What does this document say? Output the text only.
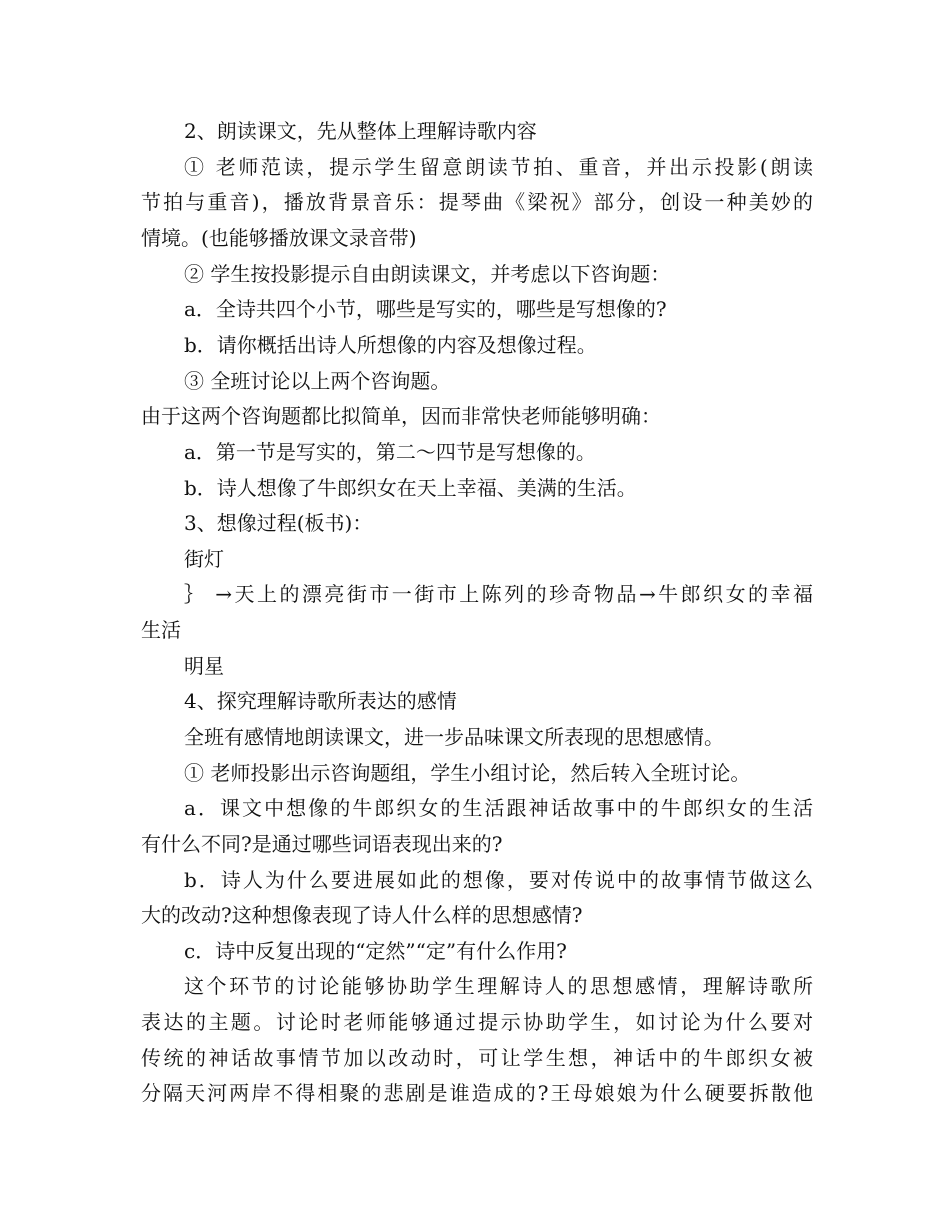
2、朗读课文，先从整体上理解诗歌内容
① 老师范读，提示学生留意朗读节拍、重音，并出示投影(朗读
节拍与重音)，播放背景音乐：提琴曲《梁祝》部分，创设一种美妙的
情境。(也能够播放课文录音带)
② 学生按投影提示自由朗读课文，并考虑以下咨询题：
a．全诗共四个小节，哪些是写实的，哪些是写想像的?
b．请你概括出诗人所想像的内容及想像过程。
③ 全班讨论以上两个咨询题。
由于这两个咨询题都比拟简单，因而非常快老师能够明确：
a．第一节是写实的，第二～四节是写想像的。
b．诗人想像了牛郎织女在天上幸福、美满的生活。
3、想像过程(板书)：
街灯
｝ →天上的漂亮街市一街市上陈列的珍奇物品→牛郎织女的幸福
生活
明星
4、探究理解诗歌所表达的感情
全班有感情地朗读课文，进一步品味课文所表现的思想感情。
① 老师投影出示咨询题组，学生小组讨论，然后转入全班讨论。
a．课文中想像的牛郎织女的生活跟神话故事中的牛郎织女的生活
有什么不同?是通过哪些词语表现出来的?
b．诗人为什么要进展如此的想像，要对传说中的故事情节做这么
大的改动?这种想像表现了诗人什么样的思想感情?
c．诗中反复出现的“定然”“定”有什么作用?
这个环节的讨论能够协助学生理解诗人的思想感情，理解诗歌所
表达的主题。讨论时老师能够通过提示协助学生，如讨论为什么要对
传统的神话故事情节加以改动时，可让学生想，神话中的牛郎织女被
分隔天河两岸不得相聚的悲剧是谁造成的?王母娘娘为什么硬要拆散他
